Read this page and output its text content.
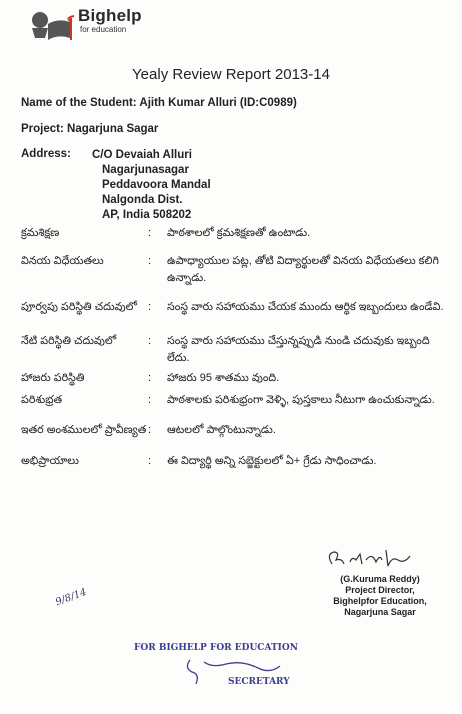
Bighelp
for education
Yealy Review Report 2013-14
Name of the Student: Ajith Kumar Alluri (ID:C0989)
Project: Nagarjuna Sagar
Address: C/O Devaiah Alluri
Nagarjunasagar
Peddavoora Mandal
Nalgonda Dist.
AP, India 508202
క్రమశిక్షణ	: పాఠశాలలో క్రమశిక్షణతో ఉంటాడు.
వినయ విధేయతలు	: ఉపాధ్యాయుల పట్ల, తోటి విద్యార్థులతో వినయ విధేయతలు కలిగి ఉన్నాడు.
పూర్వపు పరిస్థితి చదువులో	: సంస్థ వారు సహాయము చేయక ముందు ఆర్థిక ఇబ్బందులు ఉండేవి.
నేటి పరిస్థితి చదువులో	: సంస్థ వారు సహాయము చేస్తున్నప్పుడి నుండి చదువుకు ఇబ్బంది లేదు.
హాజరు పరిస్థితి	: హాజరు 95 శాతము వుంది.
పరిశుభ్రత	: పాఠశాలకు పరిశుభ్రంగా వెళ్ళి, పుస్తకాలు నీటుగా ఉంచుకున్నాడు.
ఇతర అంశములలో ప్రావీణ్యత : ఆటలలో పాల్గొంటున్నాడు.
అభిప్రాయాలు	: ఈ విద్యార్థి అన్ని సబ్జెక్టులలో ఏ+ గ్రేడు సాధించాడు.
(G.Kuruma Reddy)
Project Director,
Bighelpfor Education,
Nagarjuna Sagar
9/8/14
FOR BIGHELP FOR EDUCATION
SECRETARY
